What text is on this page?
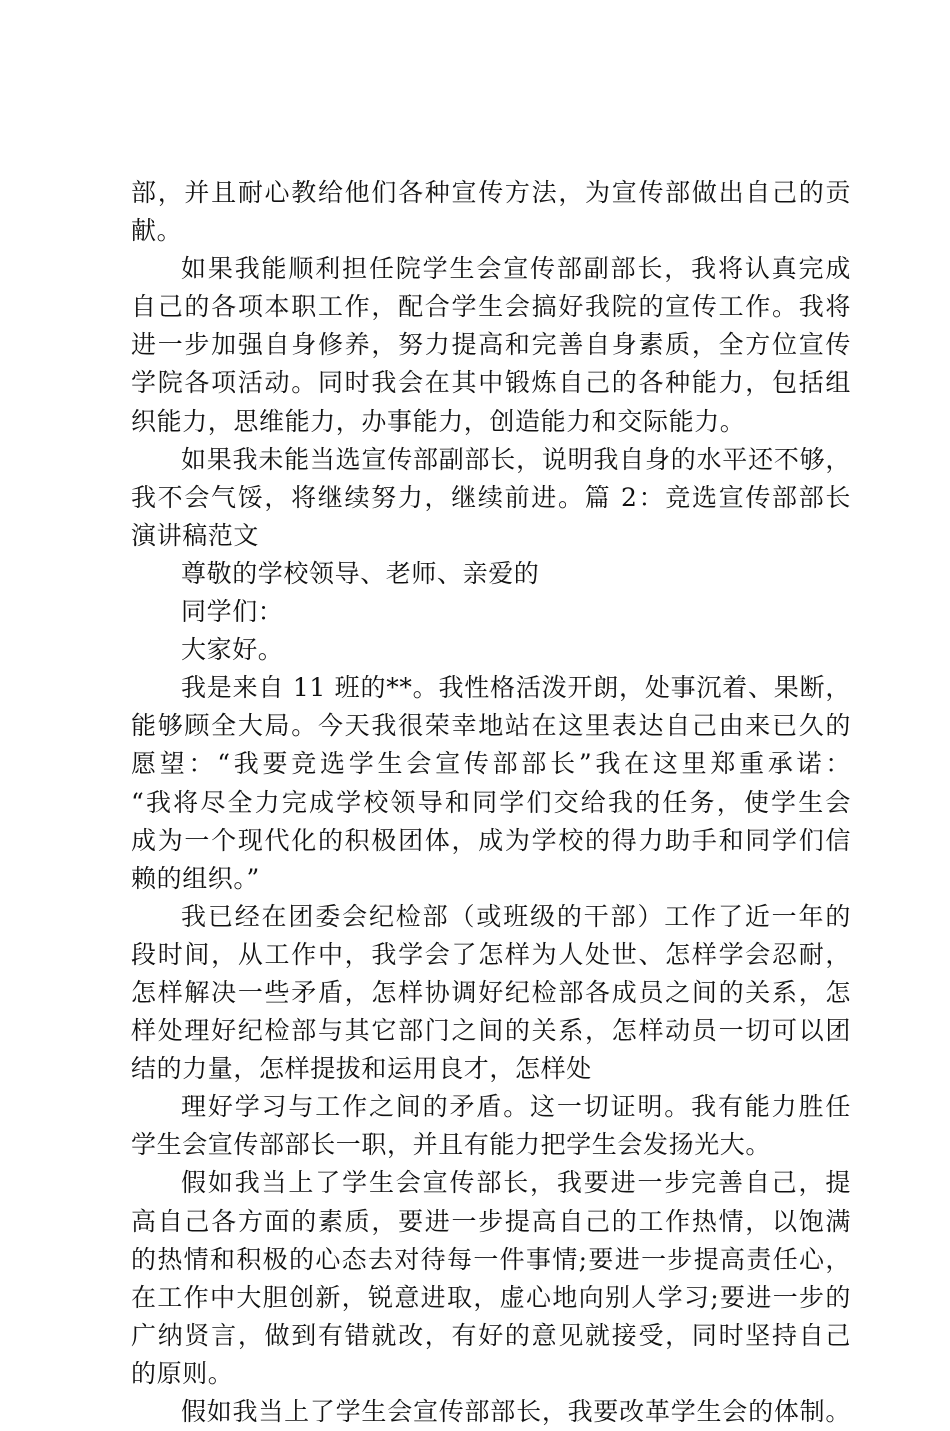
部，并且耐心教给他们各种宣传方法，为宣传部做出自己的贡
献。
如果我能顺利担任院学生会宣传部副部长，我将认真完成
自己的各项本职工作，配合学生会搞好我院的宣传工作。我将
进一步加强自身修养，努力提高和完善自身素质，全方位宣传
学院各项活动。同时我会在其中锻炼自己的各种能力，包括组
织能力，思维能力，办事能力，创造能力和交际能力。
如果我未能当选宣传部副部长，说明我自身的水平还不够，
我不会气馁，将继续努力，继续前进。篇 2：竞选宣传部部长
演讲稿范文
尊敬的学校领导、老师、亲爱的
同学们：
大家好。
我是来自 11 班的**。我性格活泼开朗，处事沉着、果断，
能够顾全大局。今天我很荣幸地站在这里表达自己由来已久的
愿望：“我要竞选学生会宣传部部长”我在这里郑重承诺：
“我将尽全力完成学校领导和同学们交给我的任务，使学生会
成为一个现代化的积极团体，成为学校的得力助手和同学们信
赖的组织。”
我已经在团委会纪检部（或班级的干部）工作了近一年的
段时间，从工作中，我学会了怎样为人处世、怎样学会忍耐，
怎样解决一些矛盾，怎样协调好纪检部各成员之间的关系，怎
样处理好纪检部与其它部门之间的关系，怎样动员一切可以团
结的力量，怎样提拔和运用良才，怎样处
理好学习与工作之间的矛盾。这一切证明。我有能力胜任
学生会宣传部部长一职，并且有能力把学生会发扬光大。
假如我当上了学生会宣传部长，我要进一步完善自己，提
高自己各方面的素质，要进一步提高自己的工作热情，以饱满
的热情和积极的心态去对待每一件事情;要进一步提高责任心，
在工作中大胆创新，锐意进取，虚心地向别人学习;要进一步的
广纳贤言，做到有错就改，有好的意见就接受，同时坚持自己
的原则。
假如我当上了学生会宣传部部长，我要改革学生会的体制。
